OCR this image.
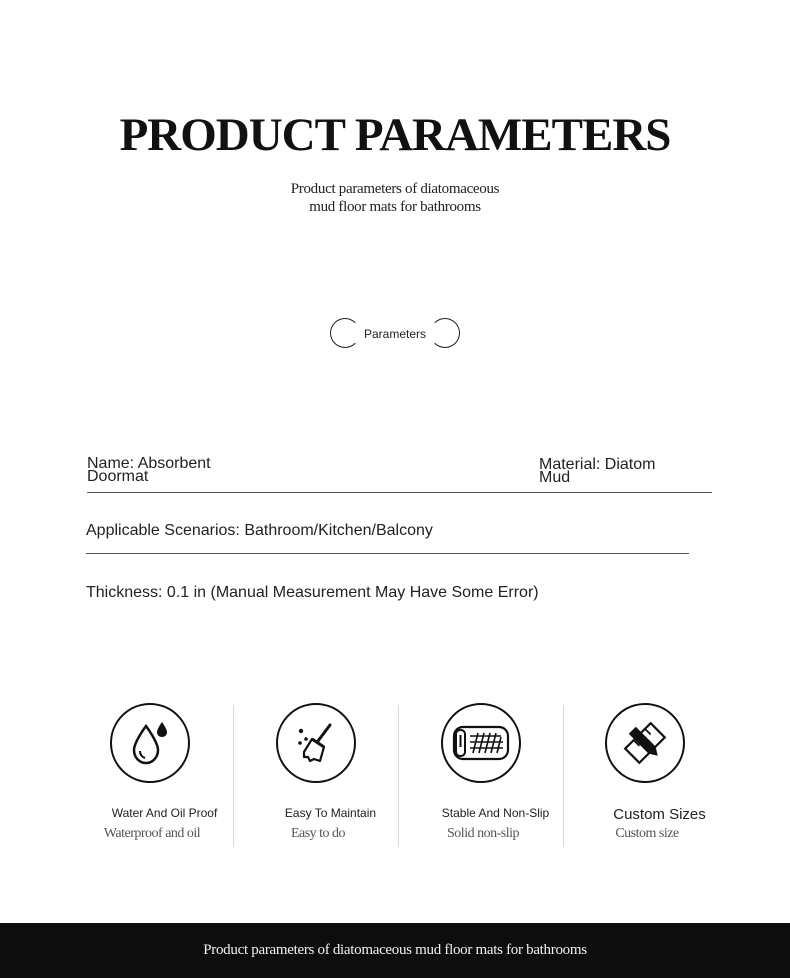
PRODUCT PARAMETERS
Product parameters of diatomaceous
mud floor mats for bathrooms
Parameters
Name: Absorbent Doormat
Material: Diatom Mud
Applicable Scenarios: Bathroom/Kitchen/Balcony
Thickness: 0.1 in (Manual Measurement May Have Some Error)
Water And Oil Proof
Waterproof and oil
Easy To Maintain
Easy to do
Stable And Non-Slip
Solid non-slip
Custom Sizes
Custom size
Product parameters of diatomaceous mud floor mats for bathrooms
